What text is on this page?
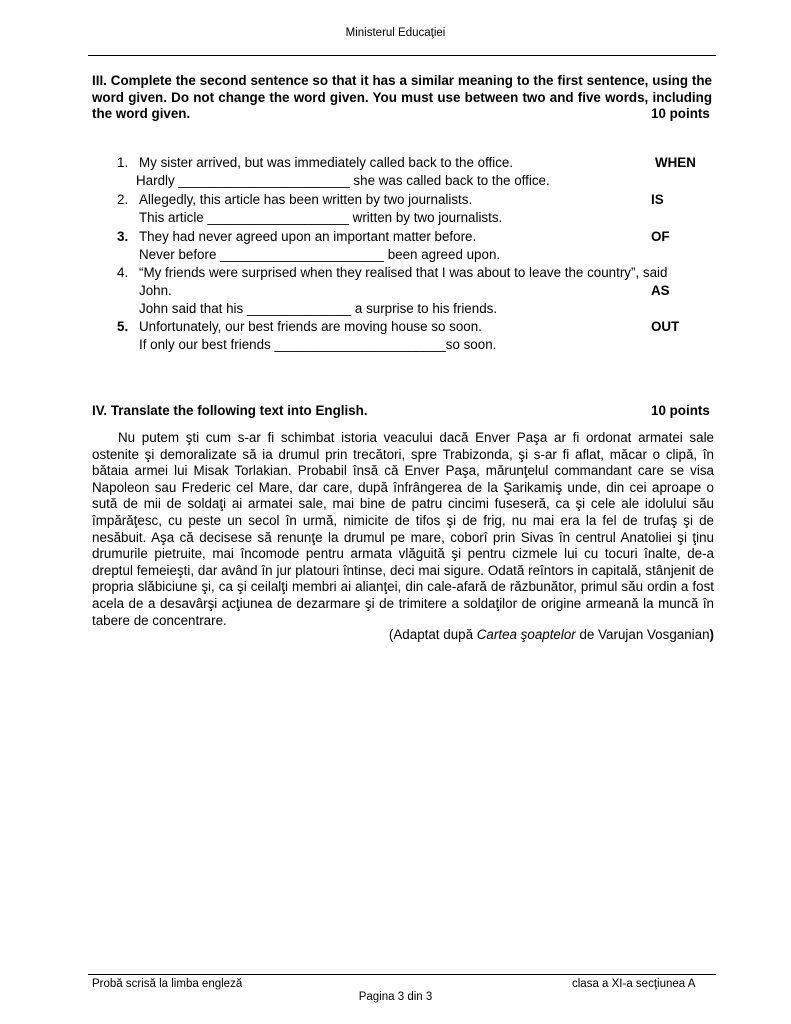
Ministerul Educaţiei
III. Complete the second sentence so that it has a similar meaning to the first sentence, using the word given. Do not change the word given. You must use between two and five words, including the word given.	10 points
1. My sister arrived, but was immediately called back to the office.	WHEN
Hardly _______________________ she was called back to the office.
2. Allegedly, this article has been written by two journalists.	IS
This article ___________________ written by two journalists.
3. They had never agreed upon an important matter before.	OF
Never before ______________________ been agreed upon.
4. “My friends were surprised when they realised that I was about to leave the country”, said
John.	AS
John said that his ______________ a surprise to his friends.
5. Unfortunately, our best friends are moving house so soon.	OUT
If only our best friends _______________________so soon.
IV. Translate the following text into English.	10 points
Nu putem şti cum s-ar fi schimbat istoria veacului dacă Enver Paşa ar fi ordonat armatei sale ostenite şi demoralizate să ia drumul prin trecători, spre Trabizonda, şi s-ar fi aflat, măcar o clipă, în bătaia armei lui Misak Torlakian. Probabil însă că Enver Paşa, mărunţelul commandant care se visa Napoleon sau Frederic cel Mare, dar care, după înfrângerea de la Şarikamiş unde, din cei aproape o sută de mii de soldaţi ai armatei sale, mai bine de patru cincimi fuseseră, ca şi cele ale idolului său împărăţesc, cu peste un secol în urmă, nimicite de tifos şi de frig, nu mai era la fel de trufaş şi de nesăbuit. Aşa că decisese să renunţe la drumul pe mare, coborî prin Sivas în centrul Anatoliei şi ţinu drumurile pietruite, mai încomode pentru armata vlăguită şi pentru cizmele lui cu tocuri înalte, de-a dreptul femeieşti, dar având în jur platouri întinse, deci mai sigure. Odată reîntors in capitală, stânjenit de propria slăbiciune şi, ca şi ceilalţi membri ai alianţei, din cale-afară de răzbunător, primul său ordin a fost acela de a desavârşi acţiunea de dezarmare şi de trimitere a soldaţilor de origine armeană la muncă în tabere de concentrare.
(Adaptat după Cartea şoaptelor de Varujan Vosganian)
Probă scrisă la limba engleză	clasa a XI-a secţiunea A
Pagina 3 din 3
